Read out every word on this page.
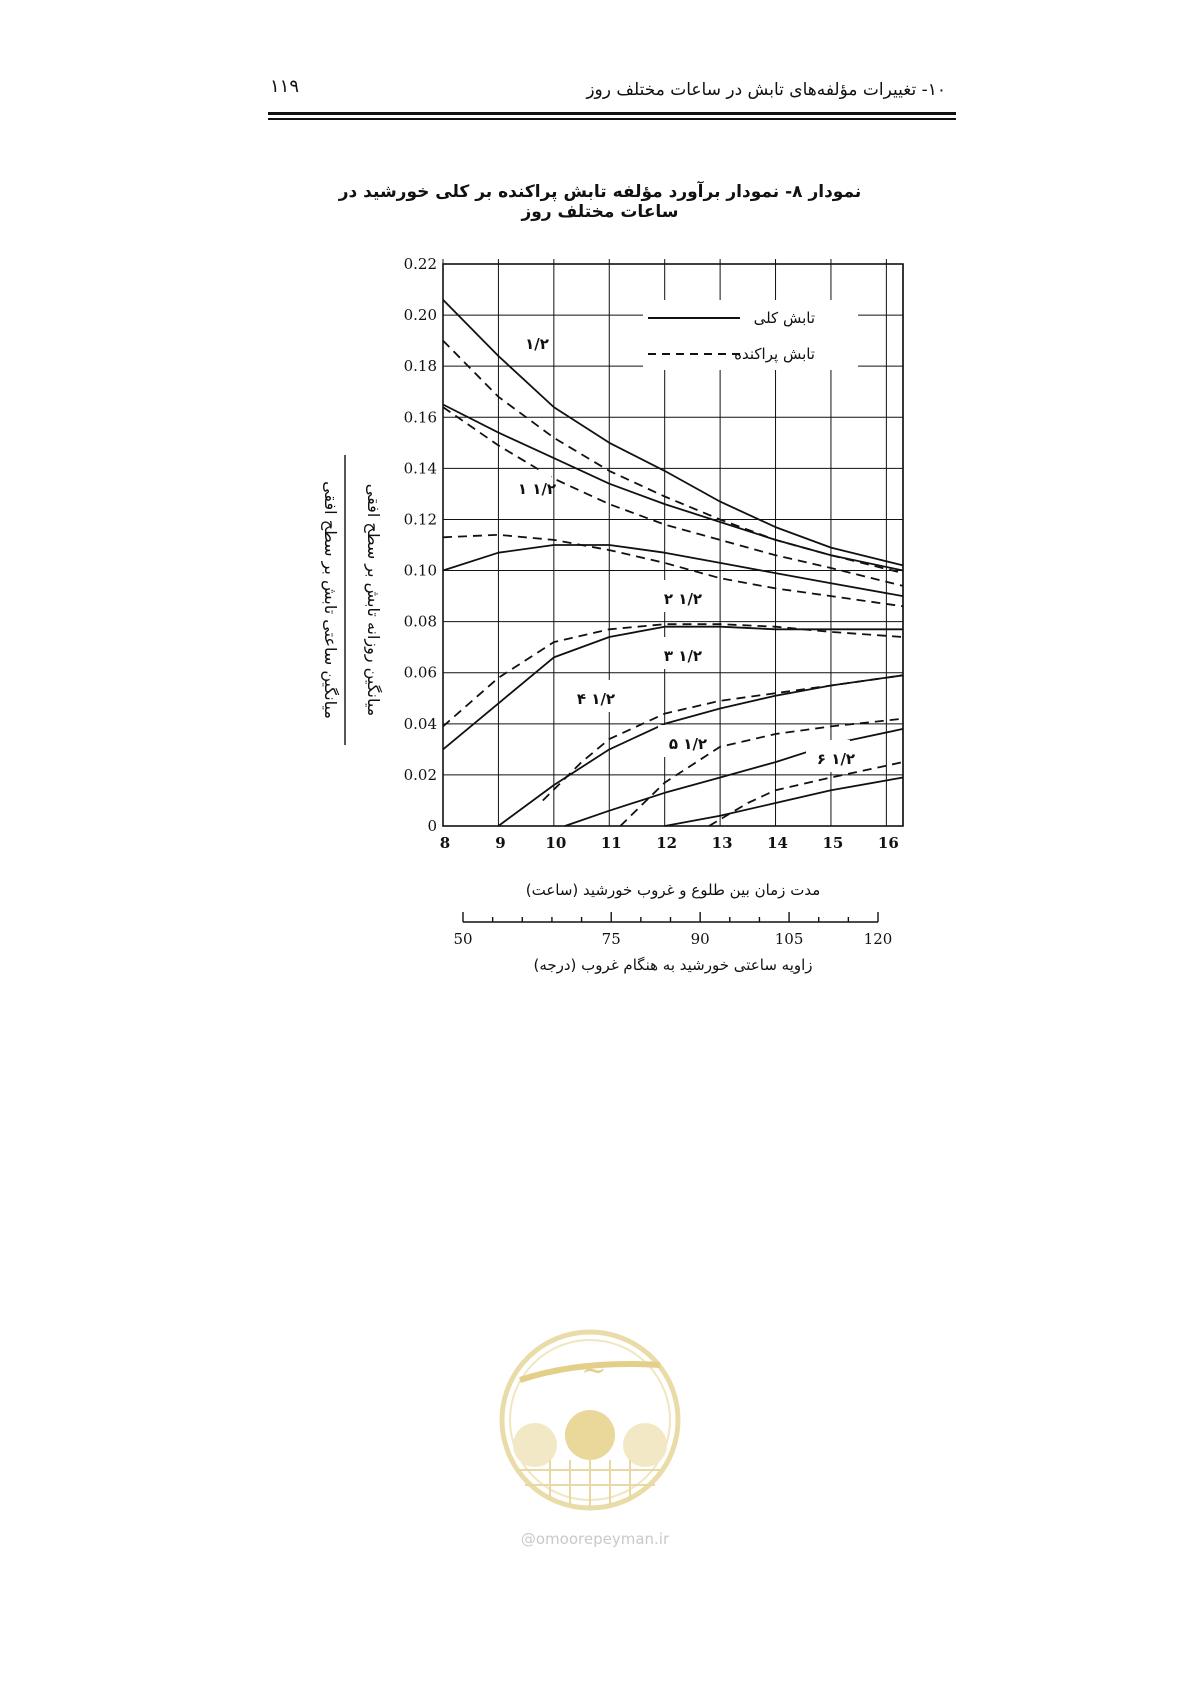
۱۱۹	۱۰- تغییرات مؤلفه‌های تابش در ساعات مختلف روز
نمودار ۸- نمودار برآورد مؤلفه تابش پراکنده بر کلی خورشید در ساعات مختلف روز
0
0.02
0.04
0.06
0.08
0.10
0.12
0.14
0.16
0.18
0.20
0.22
8	9	10 11 12 13 14 15 16
تابش کلی
تابش پراکنده
۱/۲
۱ ۱/۲
۲ ۱/۲
۳ ۱/۲
۴ ۱/۲
۵ ۱/۲
۶ ۱/۲
مدت زمان بین طلوع و غروب خورشید (ساعت)
50	75	90	105	120
زاویه ساعتی خورشید به هنگام غروب (درجه)
میانگین ساعتی تابش بر سطح افقی میانگین روزانه تابش بر سطح افقی
~
@omoorepeyman.ir
